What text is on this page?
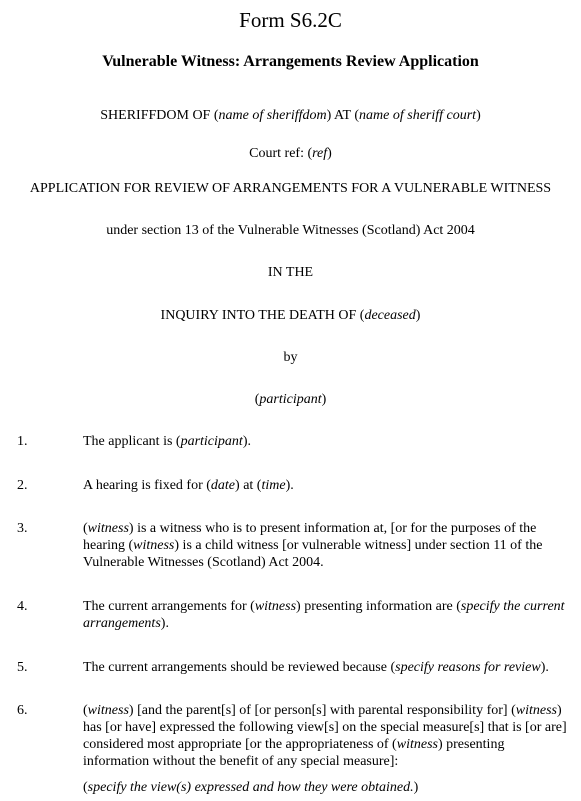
Form S6.2C
Vulnerable Witness: Arrangements Review Application
SHERIFFDOM OF (name of sheriffdom) AT (name of sheriff court)
Court ref: (ref)
APPLICATION FOR REVIEW OF ARRANGEMENTS FOR A VULNERABLE WITNESS
under section 13 of the Vulnerable Witnesses (Scotland) Act 2004
IN THE
INQUIRY INTO THE DEATH OF (deceased)
by
(participant)
1.	The applicant is (participant).
2.	A hearing is fixed for (date) at (time).
3.	(witness) is a witness who is to present information at, [or for the purposes of the hearing (witness) is a child witness [or vulnerable witness] under section 11 of the Vulnerable Witnesses (Scotland) Act 2004.
4.	The current arrangements for (witness) presenting information are (specify the current arrangements).
5.	The current arrangements should be reviewed because (specify reasons for review).
6.	(witness) [and the parent[s] of [or person[s] with parental responsibility for] (witness) has [or have] expressed the following view[s] on the special measure[s] that is [or are] considered most appropriate [or the appropriateness of (witness) presenting information without the benefit of any special measure]:
(specify the view(s) expressed and how they were obtained.)
